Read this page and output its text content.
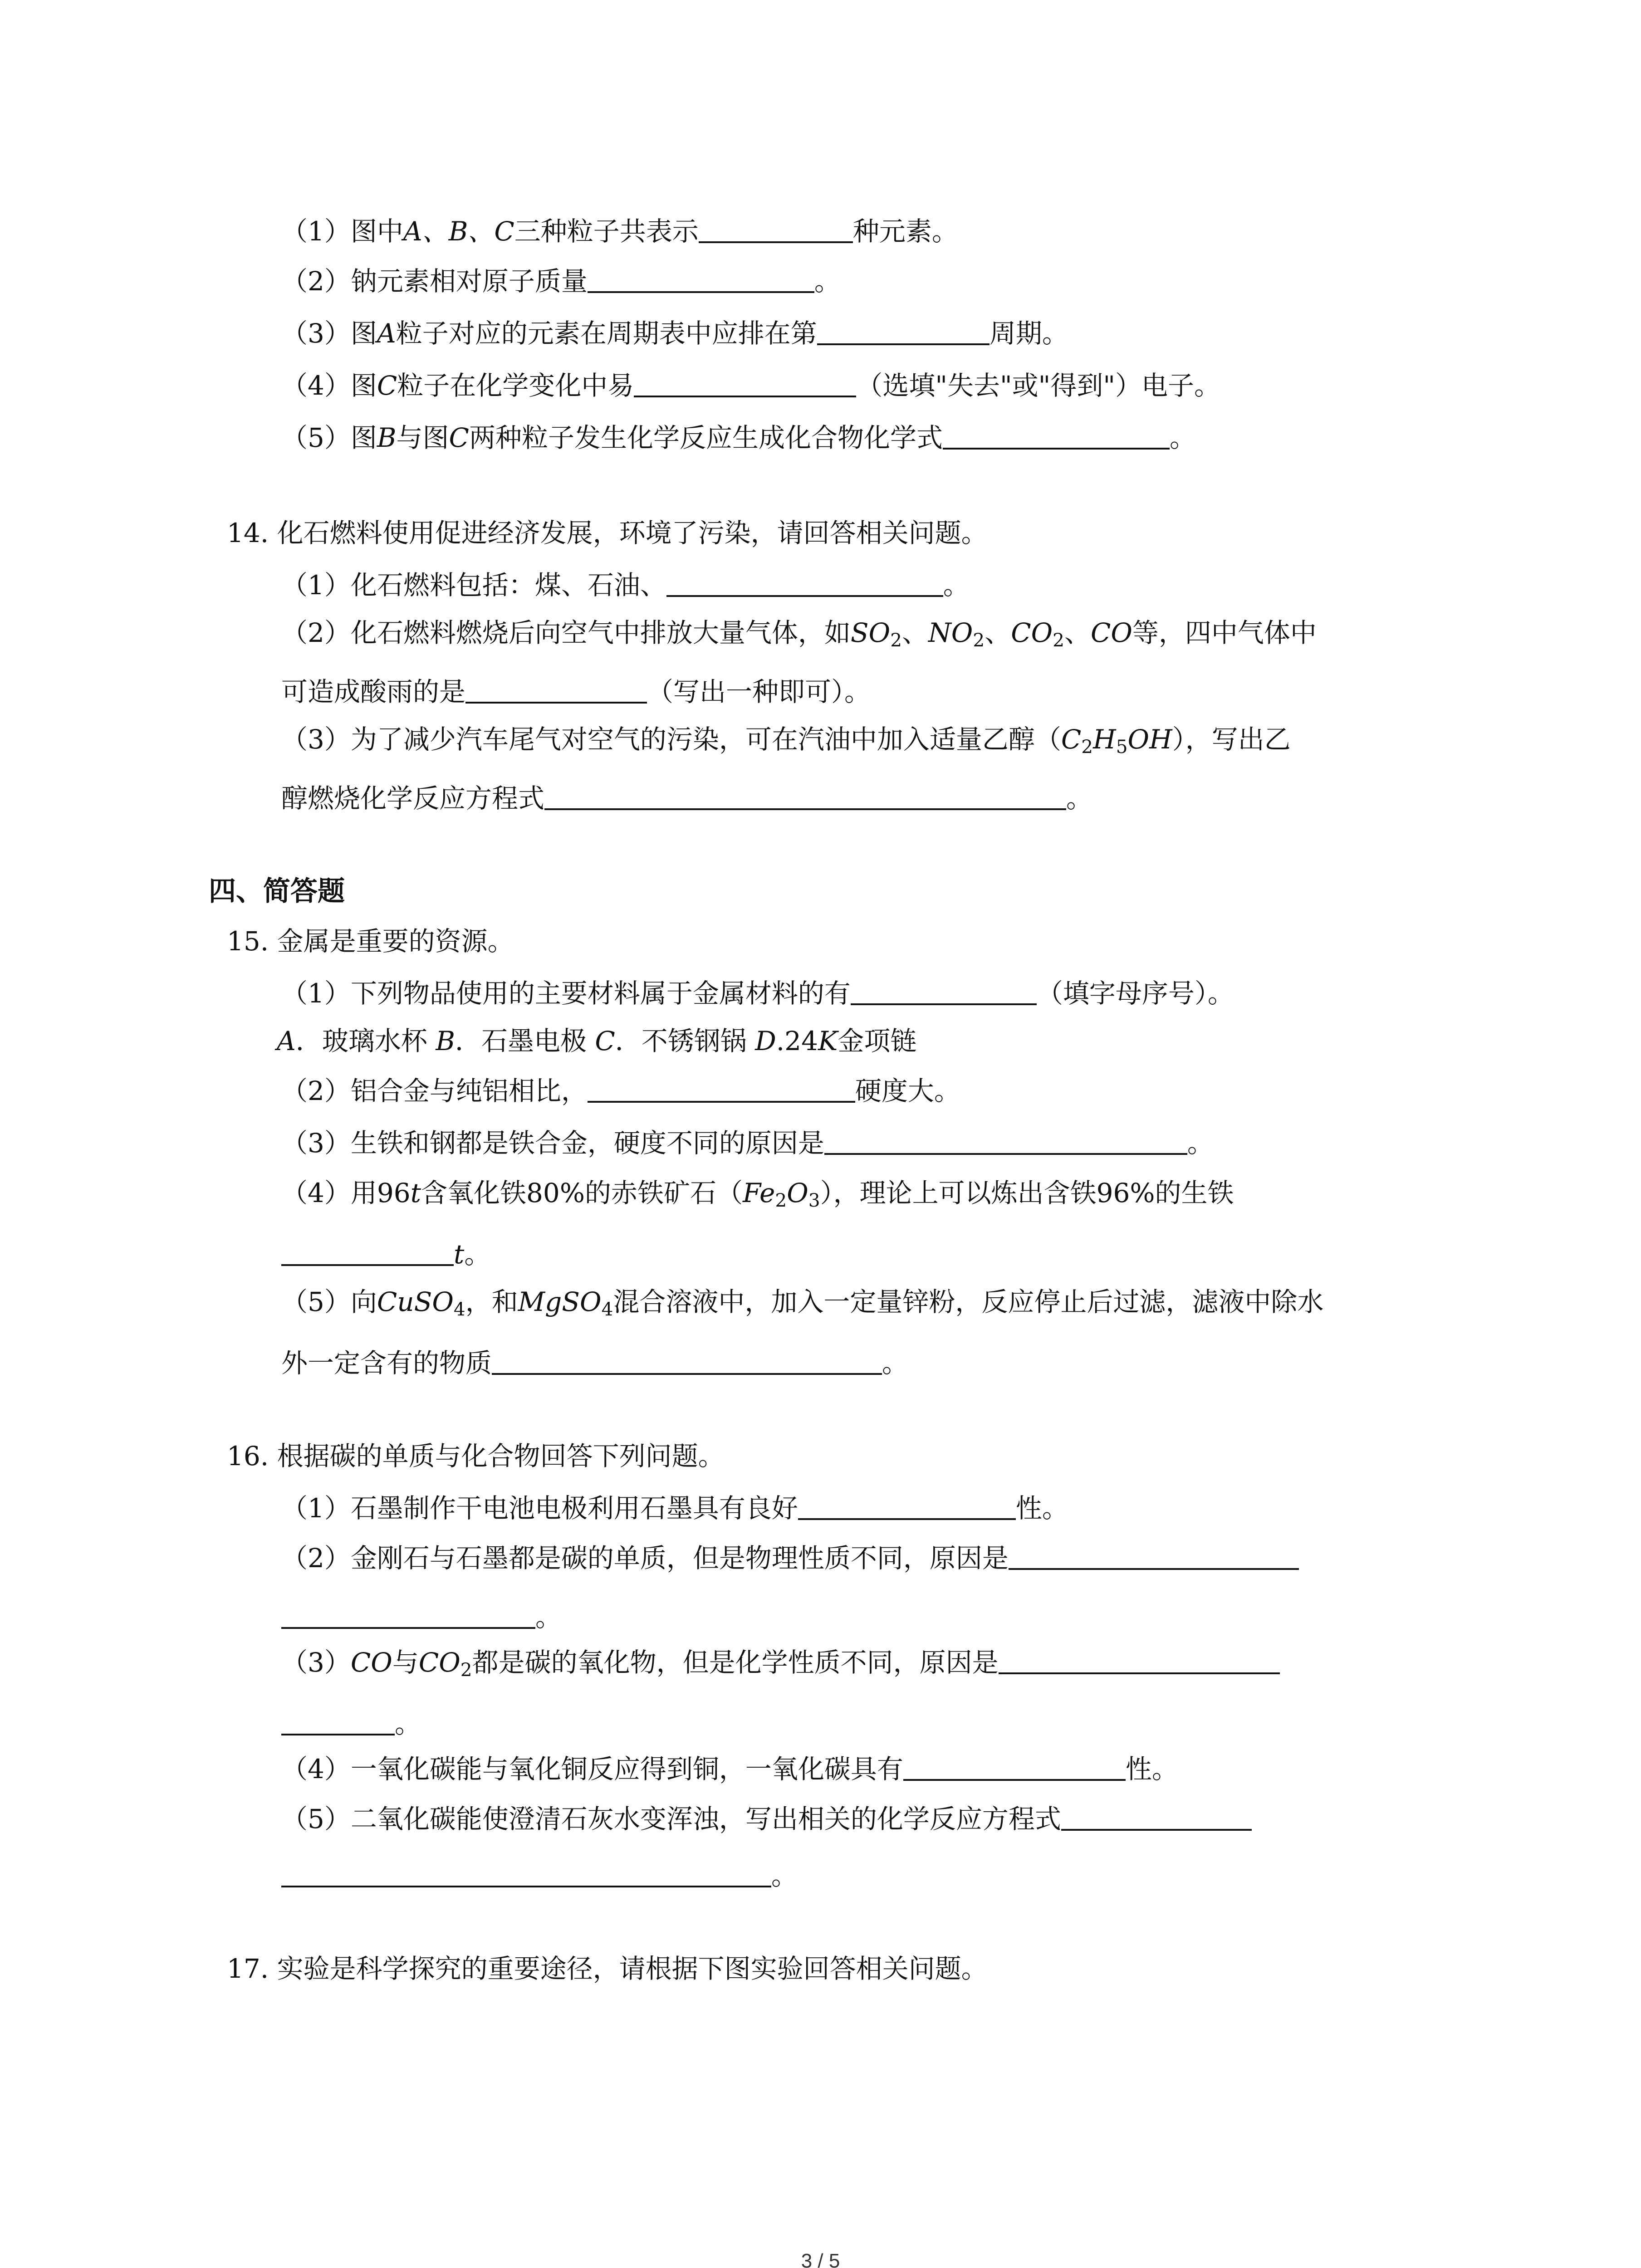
（1）图中A、B、C三种粒子共表示	种元素。
（2）钠元素相对原子质量	。
（3）图A粒子对应的元素在周期表中应排在第	周期。
（4）图C粒子在化学变化中易	（选填"失去"或"得到"）电子。
（5）图B与图C两种粒子发生化学反应生成化合物化学式	。
14. 化石燃料使用促进经济发展，环境了污染，请回答相关问题。
（1）化石燃料包括：煤、石油、	。
（2）化石燃料燃烧后向空气中排放大量气体，如$SO_2$、$NO_2$、$CO_2$、CO等，四中气体中
可造成酸雨的是	（写出一种即可）。
（3）为了减少汽车尾气对空气的污染，可在汽油中加入适量乙醇$(C_2H_5OH)$，写出乙
醇燃烧化学反应方程式	。
四、简答题
15. 金属是重要的资源。
（1）下列物品使用的主要材料属于金属材料的有	（填字母序号）。
A．玻璃水杯 B．石墨电极 C．不锈钢锅 D.24K金项链
（2）铝合金与纯铝相比，	硬度大。
（3）生铁和钢都是铁合金，硬度不同的原因是	。
（4）用96t含氧化铁80%的赤铁矿石$(Fe_2O_3)$，理论上可以炼出含铁96%的生铁
t。
（5）向CuSO$_4$，和MgSO$_4$混合溶液中，加入一定量锌粉，反应停止后过滤，滤液中除水
外一定含有的物质	。
16. 根据碳的单质与化合物回答下列问题。
（1）石墨制作干电池电极利用石墨具有良好	性。
（2）金刚石与石墨都是碳的单质，但是物理性质不同，原因是
。
（3）CO与$CO_2$都是碳的氧化物，但是化学性质不同，原因是
。
（4）一氧化碳能与氧化铜反应得到铜，一氧化碳具有	性。
（5）二氧化碳能使澄清石灰水变浑浊，写出相关的化学反应方程式
。
17. 实验是科学探究的重要途径，请根据下图实验回答相关问题。
3 / 5
